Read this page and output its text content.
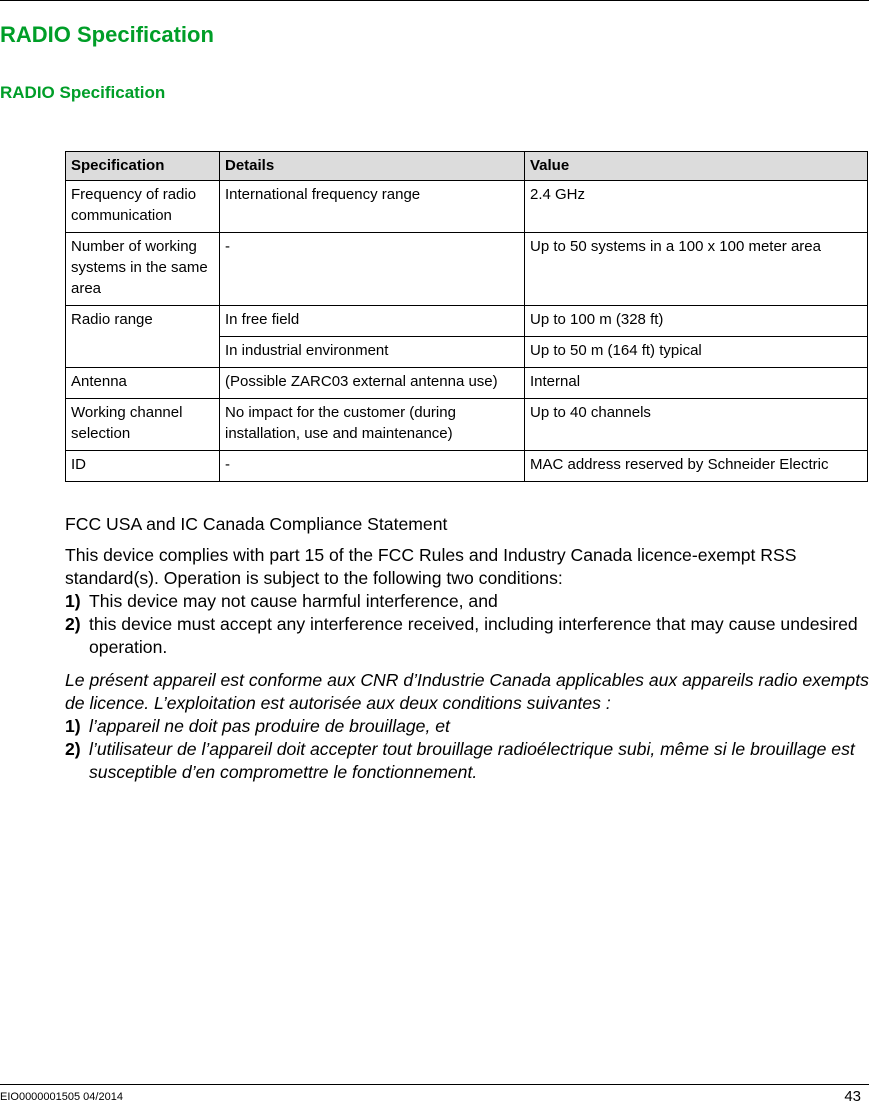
RADIO Specification
RADIO Specification
Specification	Details	Value
Frequency of radio communication	International frequency range	2.4 GHz
Number of working systems in the same area	-	Up to 50 systems in a 100 x 100 meter area
Radio range	In free field	Up to 100 m (328 ft)
	In industrial environment	Up to 50 m (164 ft) typical
Antenna	(Possible ZARC03 external antenna use)	Internal
Working channel selection	No impact for the customer (during installation, use and maintenance)	Up to 40 channels
ID	-	MAC address reserved by Schneider Electric

FCC USA and IC Canada Compliance Statement

This device complies with part 15 of the FCC Rules and Industry Canada licence-exempt RSS standard(s). Operation is subject to the following two conditions:

1) This device may not cause harmful interference, and
2) this device must accept any interference received, including interference that may cause undesired operation.

Le présent appareil est conforme aux CNR d’Industrie Canada applicables aux appareils radio exempts de licence. L’exploitation est autorisée aux deux conditions suivantes :

1) l’appareil ne doit pas produire de brouillage, et
2) l’utilisateur de l’appareil doit accepter tout brouillage radioélectrique subi, même si le brouillage est susceptible d’en compromettre le fonctionnement.
EIO0000001505 04/2014	43
